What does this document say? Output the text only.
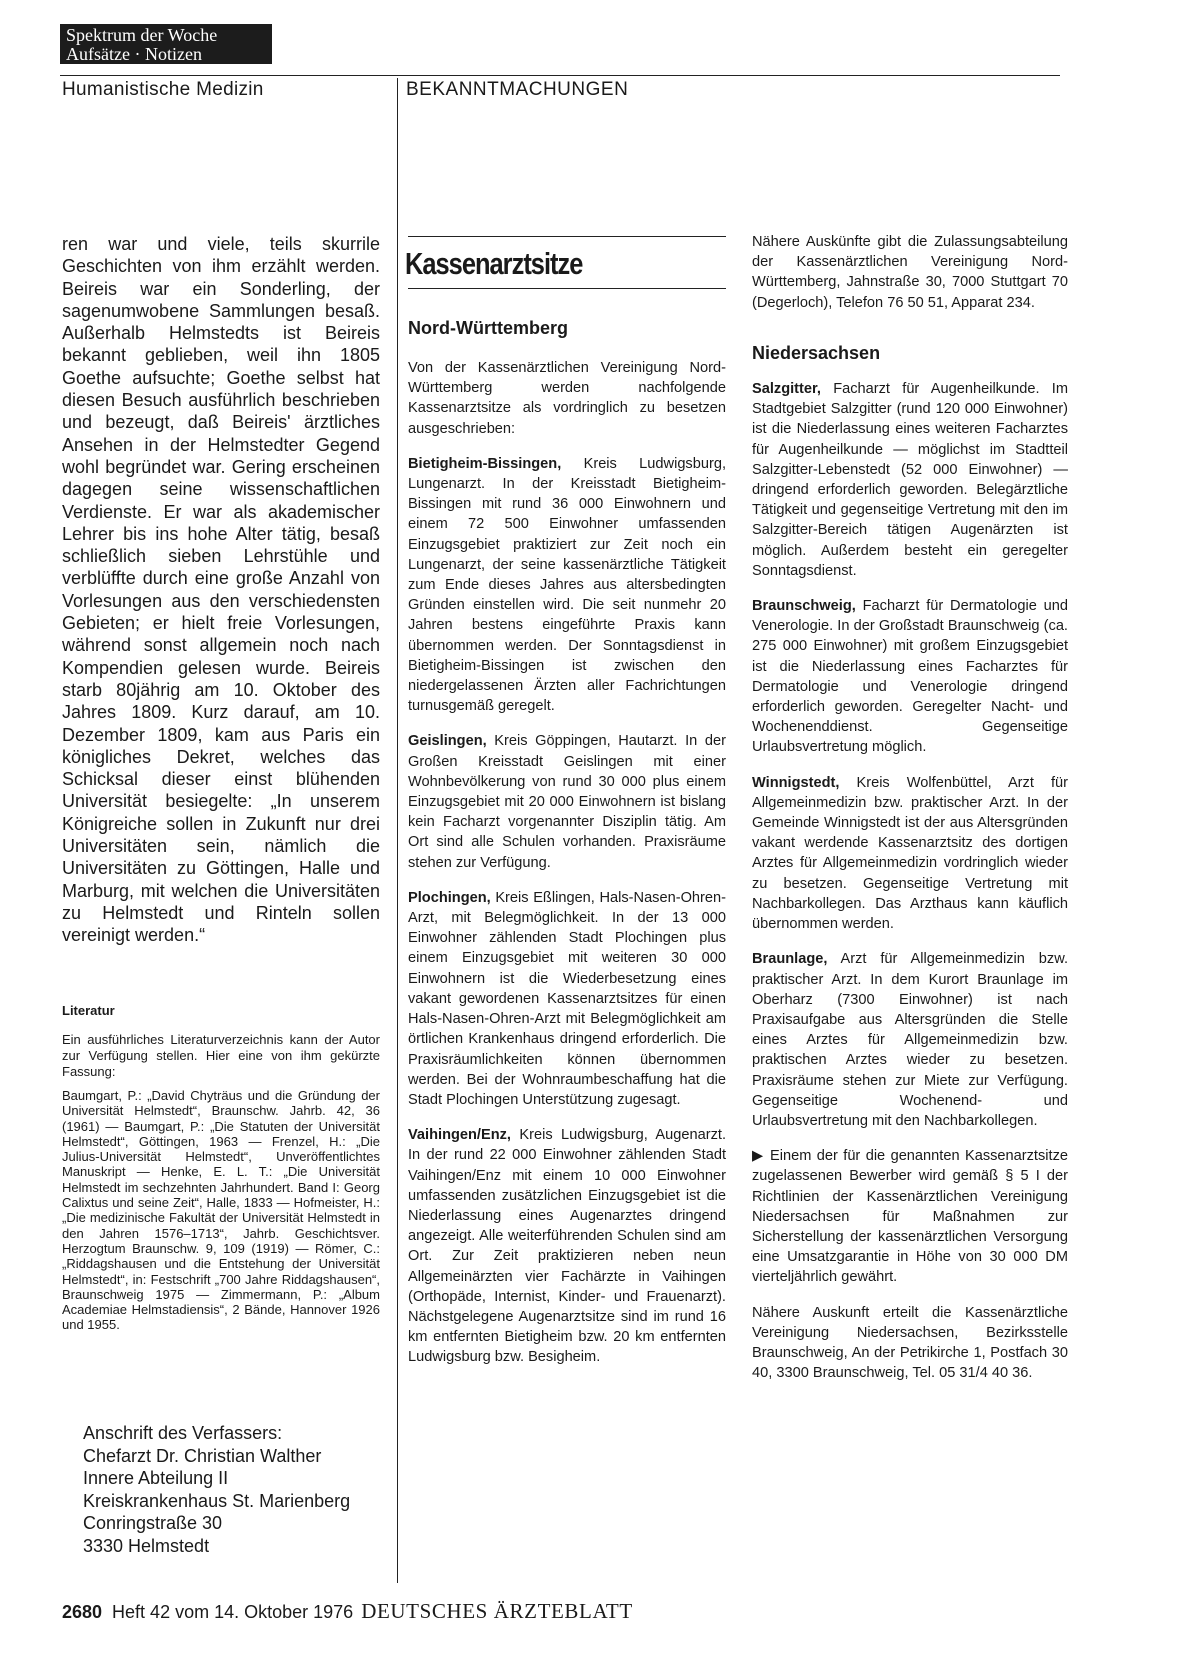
Spektrum der Woche
Aufsätze · Notizen
Humanistische Medizin	BEKANNTMACHUNGEN
ren war und viele, teils skurrile Geschichten von ihm erzählt werden. Beireis war ein Sonderling, der sagenumwobene Sammlungen besaß. Außerhalb Helmstedts ist Beireis bekannt geblieben, weil ihn 1805 Goethe aufsuchte; Goethe selbst hat diesen Besuch ausführlich beschrieben und bezeugt, daß Beireis' ärztliches Ansehen in der Helmstedter Gegend wohl begründet war. Gering erscheinen dagegen seine wissenschaftlichen Verdienste. Er war als akademischer Lehrer bis ins hohe Alter tätig, besaß schließlich sieben Lehrstühle und verblüffte durch eine große Anzahl von Vorlesungen aus den verschiedensten Gebieten; er hielt freie Vorlesungen, während sonst allgemein noch nach Kompendien gelesen wurde. Beireis starb 80jährig am 10. Oktober des Jahres 1809. Kurz darauf, am 10. Dezember 1809, kam aus Paris ein königliches Dekret, welches das Schicksal dieser einst blühenden Universität besiegelte: „In unserem Königreiche sollen in Zukunft nur drei Universitäten sein, nämlich die Universitäten zu Göttingen, Halle und Marburg, mit welchen die Universitäten zu Helmstedt und Rinteln sollen vereinigt werden.“
Literatur
Ein ausführliches Literaturverzeichnis kann der Autor zur Verfügung stellen. Hier eine von ihm gekürzte Fassung:
Baumgart, P.: „David Chyträus und die Gründung der Universität Helmstedt“, Braunschw. Jahrb. 42, 36 (1961) — Baumgart, P.: „Die Statuten der Universität Helmstedt“, Göttingen, 1963 — Frenzel, H.: „Die Julius-Universität Helmstedt“, Unveröffentlichtes Manuskript — Henke, E. L. T.: „Die Universität Helmstedt im sechzehnten Jahrhundert. Band I: Georg Calixtus und seine Zeit“, Halle, 1833 — Hofmeister, H.: „Die medizinische Fakultät der Universität Helmstedt in den Jahren 1576–1713“, Jahrb. Geschichtsver. Herzogtum Braunschw. 9, 109 (1919) — Römer, C.: „Riddagshausen und die Entstehung der Universität Helmstedt“, in: Festschrift „700 Jahre Riddagshausen“, Braunschweig 1975 — Zimmermann, P.: „Album Academiae Helmstadiensis“, 2 Bände, Hannover 1926 und 1955.
Anschrift des Verfassers:
Chefarzt Dr. Christian Walther
Innere Abteilung II
Kreiskrankenhaus St. Marienberg
Conringstraße 30
3330 Helmstedt
Kassenarztsitze
Nord-Württemberg

Von der Kassenärztlichen Vereinigung Nord-Württemberg werden nachfolgende Kassenarztsitze als vordringlich zu besetzen ausgeschrieben:

Bietigheim-Bissingen, Kreis Ludwigsburg, Lungenarzt. In der Kreisstadt Bietigheim-Bissingen mit rund 36 000 Einwohnern und einem 72 500 Einwohner umfassenden Einzugsgebiet praktiziert zur Zeit noch ein Lungenarzt, der seine kassenärztliche Tätigkeit zum Ende dieses Jahres aus altersbedingten Gründen einstellen wird. Die seit nunmehr 20 Jahren bestens eingeführte Praxis kann übernommen werden. Der Sonntagsdienst in Bietigheim-Bissingen ist zwischen den niedergelassenen Ärzten aller Fachrichtungen turnusgemäß geregelt.

Geislingen, Kreis Göppingen, Hautarzt. In der Großen Kreisstadt Geislingen mit einer Wohnbevölkerung von rund 30 000 plus einem Einzugsgebiet mit 20 000 Einwohnern ist bislang kein Facharzt vorgenannter Disziplin tätig. Am Ort sind alle Schulen vorhanden. Praxisräume stehen zur Verfügung.

Plochingen, Kreis Eßlingen, Hals-Nasen-Ohren-Arzt, mit Belegmöglichkeit. In der 13 000 Einwohner zählenden Stadt Plochingen plus einem Einzugsgebiet mit weiteren 30 000 Einwohnern ist die Wiederbesetzung eines vakant gewordenen Kassenarztsitzes für einen Hals-Nasen-Ohren-Arzt mit Belegmöglichkeit am örtlichen Krankenhaus dringend erforderlich. Die Praxisräumlichkeiten können übernommen werden. Bei der Wohnraumbeschaffung hat die Stadt Plochingen Unterstützung zugesagt.

Vaihingen/Enz, Kreis Ludwigsburg, Augenarzt. In der rund 22 000 Einwohner zählenden Stadt Vaihingen/Enz mit einem 10 000 Einwohner umfassenden zusätzlichen Einzugsgebiet ist die Niederlassung eines Augenarztes dringend angezeigt. Alle weiterführenden Schulen sind am Ort. Zur Zeit praktizieren neben neun Allgemeinärzten vier Fachärzte in Vaihingen (Orthopäde, Internist, Kinder- und Frauenarzt). Nächstgelegene Augenarztsitze sind im rund 16 km entfernten Bietigheim bzw. 20 km entfernten Ludwigsburg bzw. Besigheim.

Nähere Auskünfte gibt die Zulassungsabteilung der Kassenärztlichen Vereinigung Nord-Württemberg, Jahnstraße 30, 7000 Stuttgart 70 (Degerloch), Telefon 76 50 51, Apparat 234.

Niedersachsen

Salzgitter, Facharzt für Augenheilkunde. Im Stadtgebiet Salzgitter (rund 120 000 Einwohner) ist die Niederlassung eines weiteren Facharztes für Augenheilkunde — möglichst im Stadtteil Salzgitter-Lebenstedt (52 000 Einwohner) — dringend erforderlich geworden. Belegärztliche Tätigkeit und gegenseitige Vertretung mit den im Salzgitter-Bereich tätigen Augenärzten ist möglich. Außerdem besteht ein geregelter Sonntagsdienst.

Braunschweig, Facharzt für Dermatologie und Venerologie. In der Großstadt Braunschweig (ca. 275 000 Einwohner) mit großem Einzugsgebiet ist die Niederlassung eines Facharztes für Dermatologie und Venerologie dringend erforderlich geworden. Geregelter Nacht- und Wochenenddienst. Gegenseitige Urlaubsvertretung möglich.

Winnigstedt, Kreis Wolfenbüttel, Arzt für Allgemeinmedizin bzw. praktischer Arzt. In der Gemeinde Winnigstedt ist der aus Altersgründen vakant werdende Kassenarztsitz des dortigen Arztes für Allgemeinmedizin vordringlich wieder zu besetzen. Gegenseitige Vertretung mit Nachbarkollegen. Das Arzthaus kann käuflich übernommen werden.

Braunlage, Arzt für Allgemeinmedizin bzw. praktischer Arzt. In dem Kurort Braunlage im Oberharz (7300 Einwohner) ist nach Praxisaufgabe aus Altersgründen die Stelle eines Arztes für Allgemeinmedizin bzw. praktischen Arztes wieder zu besetzen. Praxisräume stehen zur Miete zur Verfügung. Gegenseitige Wochenend- und Urlaubsvertretung mit den Nachbarkollegen.

▶ Einem der für die genannten Kassenarztsitze zugelassenen Bewerber wird gemäß § 5 I der Richtlinien der Kassenärztlichen Vereinigung Niedersachsen für Maßnahmen zur Sicherstellung der kassenärztlichen Versorgung eine Umsatzgarantie in Höhe von 30 000 DM vierteljährlich gewährt.

Nähere Auskunft erteilt die Kassenärztliche Vereinigung Niedersachsen, Bezirksstelle Braunschweig, An der Petrikirche 1, Postfach 30 40, 3300 Braunschweig, Tel. 05 31/4 40 36.

2680 Heft 42 vom 14. Oktober 1976 DEUTSCHES ÄRZTEBLATT
